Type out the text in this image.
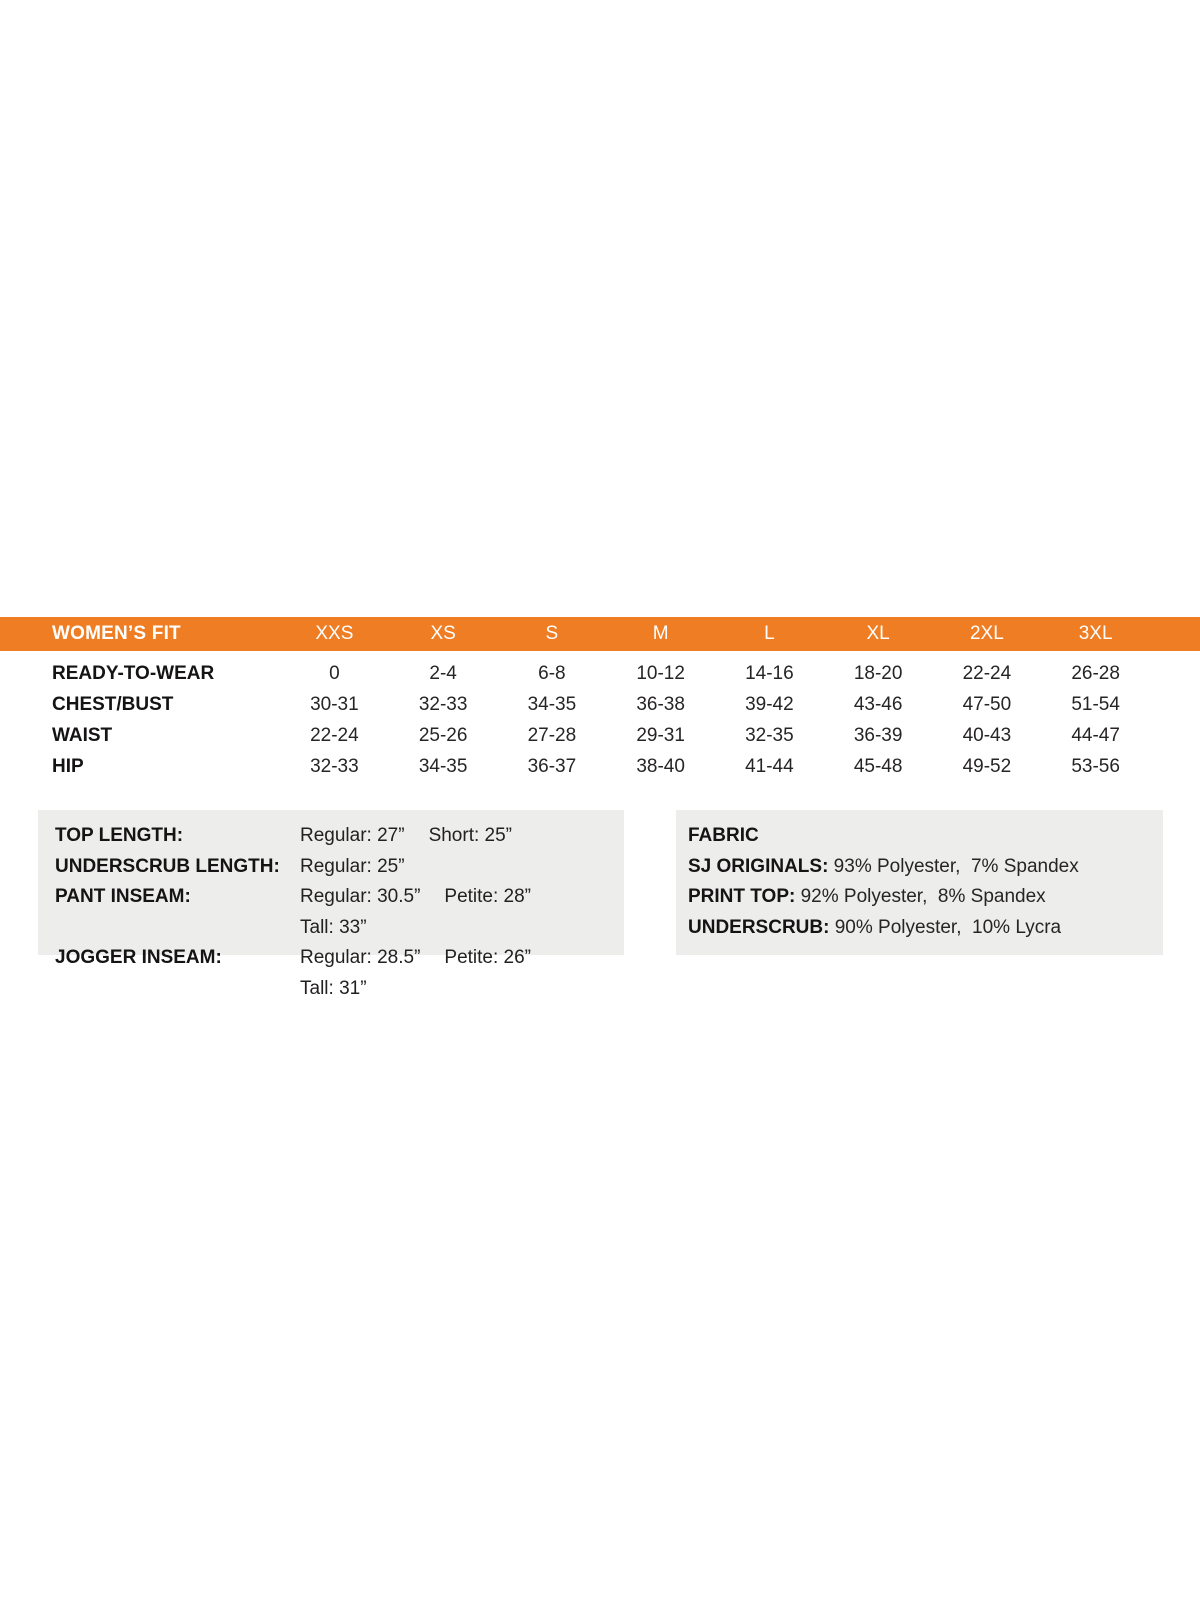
WOMEN’S FIT	XXS	XS	S	M	L	XL	2XL	3XL
READY-TO-WEAR	0	2-4	6-8	10-12	14-16	18-20	22-24	26-28
CHEST/BUST	30-31	32-33	34-35	36-38	39-42	43-46	47-50	51-54
WAIST	22-24	25-26	27-28	29-31	32-35	36-39	40-43	44-47
HIP	32-33	34-35	36-37	38-40	41-44	45-48	49-52	53-56
TOP LENGTH:	Regular: 27” Short: 25”
UNDERSCRUB LENGTH:	Regular: 25”
PANT INSEAM:	Regular: 30.5” Petite: 28”Tall: 33”
JOGGER INSEAM:	Regular: 28.5” Petite: 26”Tall: 31”
FABRIC
SJ ORIGINALS: 93% Polyester,  7% Spandex
PRINT TOP: 92% Polyester,  8% Spandex
UNDERSCRUB: 90% Polyester,  10% Lycra
